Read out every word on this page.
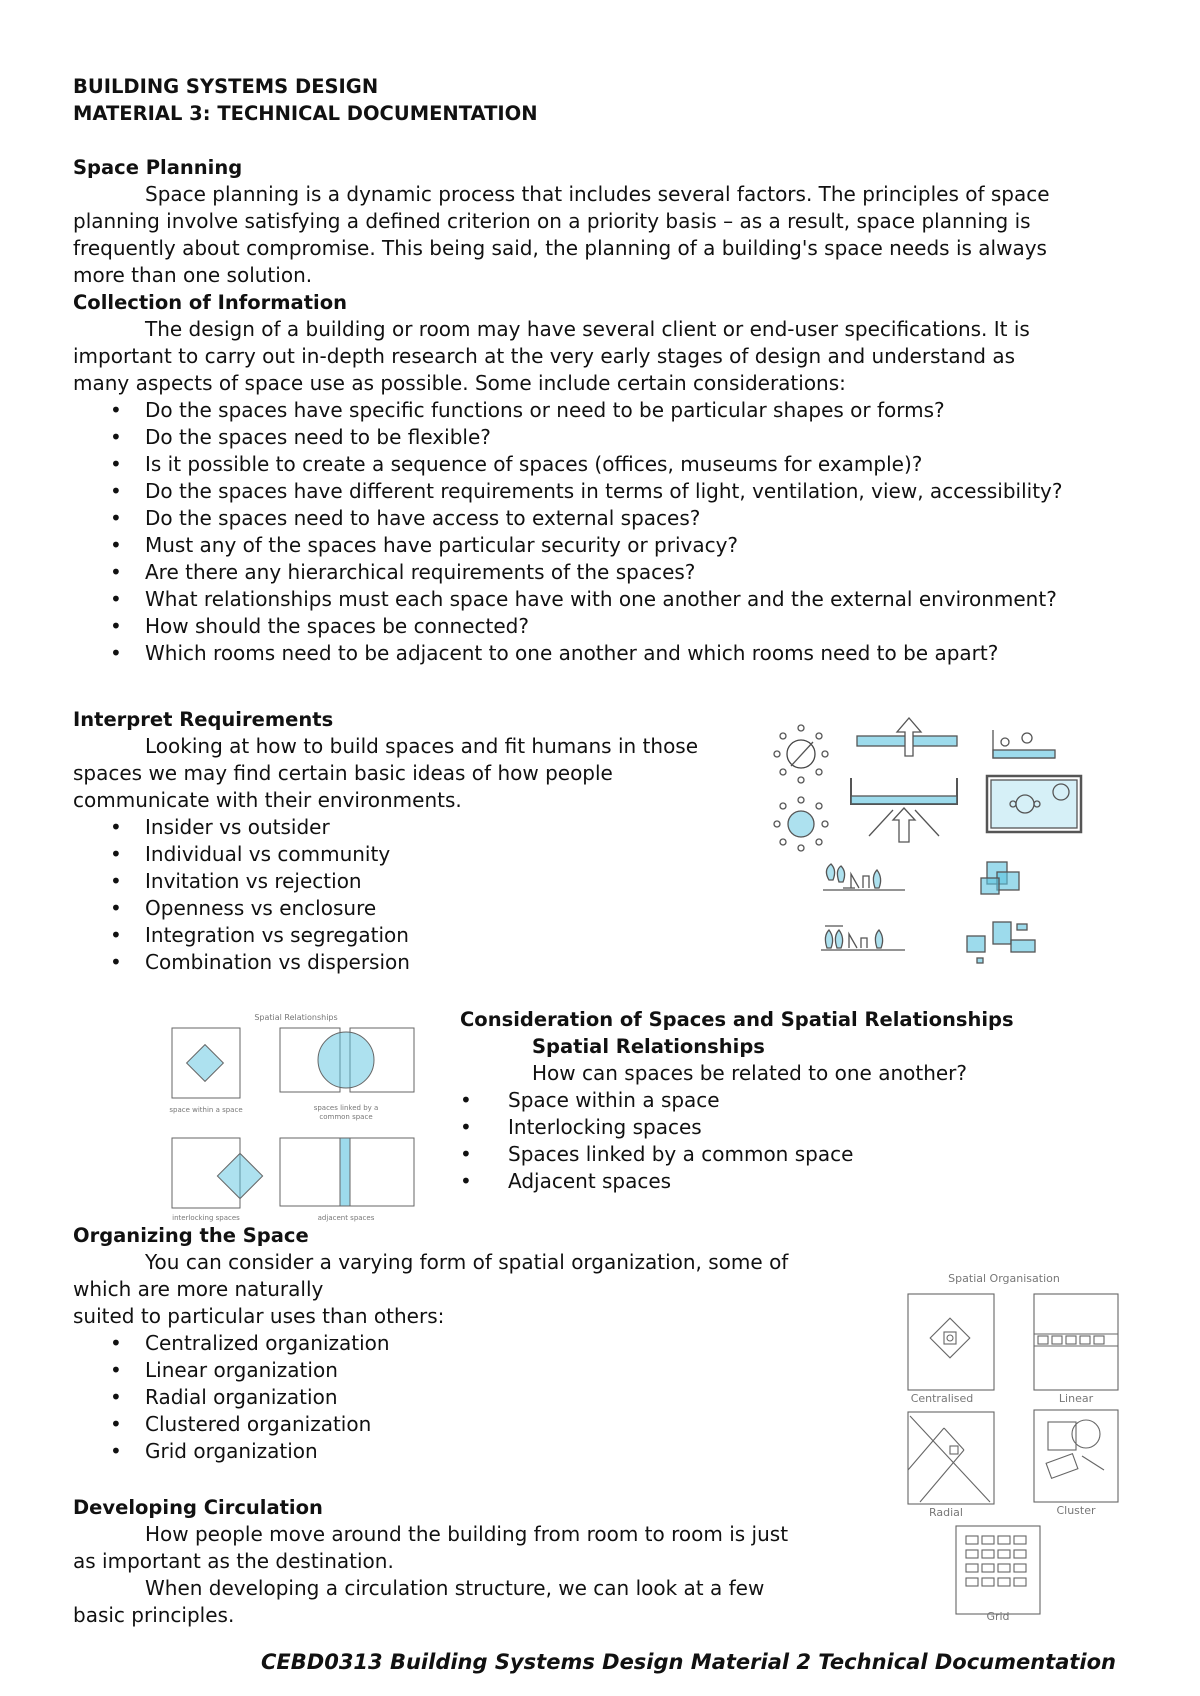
BUILDING SYSTEMS DESIGN
MATERIAL 3: TECHNICAL DOCUMENTATION
Space Planning
Space planning is a dynamic process that includes several factors. The principles of space
planning involve satisfying a defined criterion on a priority basis – as a result, space planning is
frequently about compromise. This being said, the planning of a building's space needs is always
more than one solution.
Collection of Information
The design of a building or room may have several client or end-user specifications. It is
important to carry out in-depth research at the very early stages of design and understand as
many aspects of space use as possible. Some include certain considerations:
• Do the spaces have specific functions or need to be particular shapes or forms?
• Do the spaces need to be flexible?
• Is it possible to create a sequence of spaces (offices, museums for example)?
• Do the spaces have different requirements in terms of light, ventilation, view, accessibility?
• Do the spaces need to have access to external spaces?
• Must any of the spaces have particular security or privacy?
• Are there any hierarchical requirements of the spaces?
• What relationships must each space have with one another and the external environment?
• How should the spaces be connected?
• Which rooms need to be adjacent to one another and which rooms need to be apart?
Interpret Requirements
Looking at how to build spaces and fit humans in those
spaces we may find certain basic ideas of how people
communicate with their environments.
• Insider vs outsider
• Individual vs community
• Invitation vs rejection
• Openness vs enclosure
• Integration vs segregation
• Combination vs dispersion
Spatial Relationships
space within a space	spaces linked by a
common space
interlocking spaces	adjacent spaces
Consideration of Spaces and Spatial Relationships
Spatial Relationships
How can spaces be related to one another?
• Space within a space
• Interlocking spaces
• Spaces linked by a common space
• Adjacent spaces
Organizing the Space
You can consider a varying form of spatial organization, some of
which are more naturally
suited to particular uses than others:
• Centralized organization
• Linear organization
• Radial organization
• Clustered organization
• Grid organization
Spatial Organisation
Centralised	Linear
Radial	Cluster
Grid
Developing Circulation
How people move around the building from room to room is just
as important as the destination.
When developing a circulation structure, we can look at a few
basic principles.
CEBD0313 Building Systems Design Material 2 Technical Documentation
